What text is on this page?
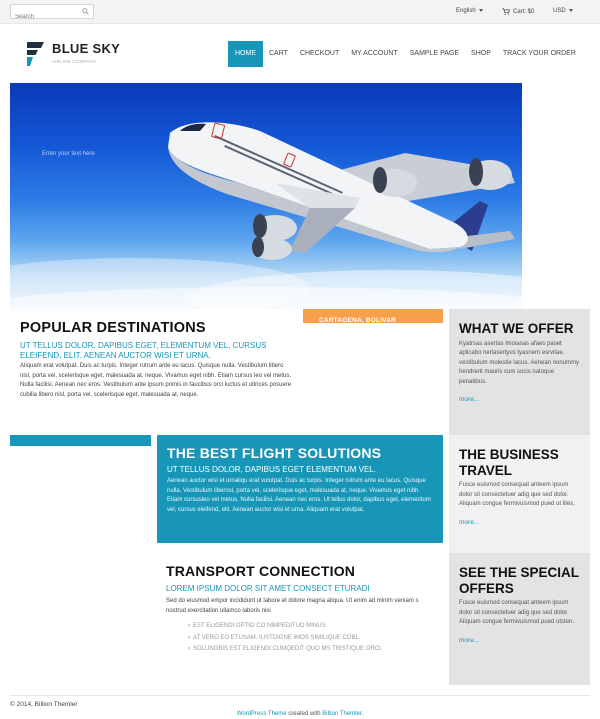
Search
English	Cart: $0	USD
BLUE SKY
AIRLINE COMPANY
HOME	CART	CHECKOUT	MY ACCOUNT	SAMPLE PAGE	SHOP	TRACK YOUR ORDER
Enter your text here
CARTAGENA, BOLIVAR
POPULAR DESTINATIONS
UT TELLUS DOLOR, DAPIBUS EGET, ELEMENTUM VEL, CURSUS ELEIFEND, ELIT. AENEAN AUCTOR WISI ET URNA.
Aliquam erat volutpat. Duis ac turpis. Integer rutrum ante eu lacus. Quisque nulla. Vestibulum libero nisl, porta vel, scelerisque eget, malesuada at, neque. Vivamus eget nibh. Etiam cursus leo vel metus. Nulla facilisi. Aenean nec eros. Vestibulum ante ipsum primis in faucibus orci luctus et ultrices posuere cubilia libero nisl, porta vel, scelerisque eget, malesuada at, neque.
WHAT WE OFFER
Kyatrsas asertas lmoiasas afaes paset aplicabo nerlasertyus tyasnem esrvitae. vestibulum molestie lacus. Aenean nonummy hendrerit mauris cum socis natoque penatibus.
more...
THE BUSINESS TRAVEL
Fusce euismod consequat anteem ipsum dolor sit consectetuer adig que sed dolor. Aliquam congue fermivuismod pued ut lites.
more...
SEE THE SPECIAL OFFERS
Fusce euismod consequat anteem ipsum dolor sit consectetuer adig que sed dolor. Aliquam congue fermivuismod pued utsten.
more...
THE BEST FLIGHT SOLUTIONS
UT TELLUS DOLOR, DAPIBUS EGET ELEMENTUM VEL.
Aenean auctor wisi et urnaliqu erat volutpat. Duis ac turpis. Integer rutrum ante eu lacus. Quisque nulla. Vestibulum liberosl, porta vel, scelerisque eget, malesuada at, neque. Vivamus eget nibh. Etiam cursusleo vel metus. Nulla facilisi. Aenean nec eros. Ut tellus dolor, dapibus eget, elementum vel, cursus eleifend, elit. Aenean auctor wisi et urna. Aliquam erat volutpat.
TRANSPORT CONNECTION
LOREM IPSUM DOLOR SIT AMET CONSECT ETURADI
Sed do eiusmod empor incididunt ut labore et dolore magna aliqua. Ut enim ad minim veniam s nostrud exercitation ullamco laboris nisi
› EST ELIGENDI OPTIO CO NIMPEDITUO MINUS.
› AT VERO EO ETUSAM. IUSTDIGNE IMOS SIMILIQUE COBL.
› SOLUNOBIS EST ELIGENDI CUMQEDIT QUO MS TRISTIQUE ORCI.
© 2014, Billion Themler
WordPress Theme created with Billion Themler.
